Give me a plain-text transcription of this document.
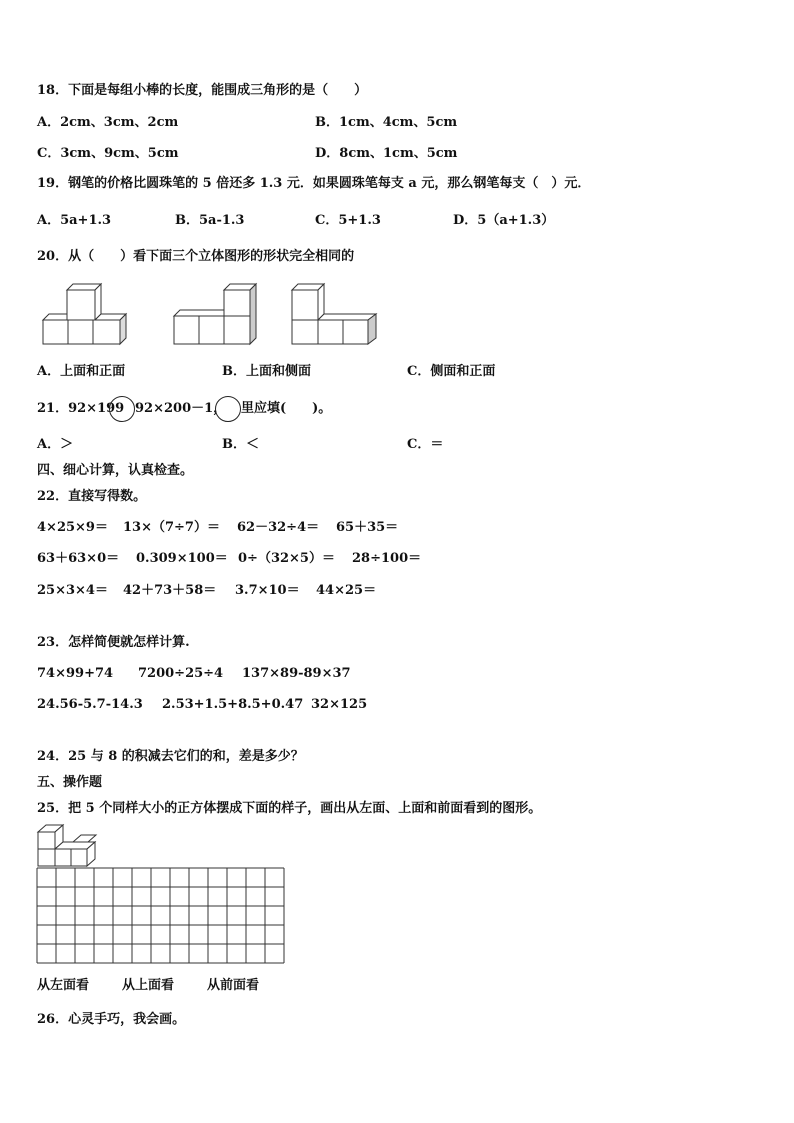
18．下面是每组小棒的长度，能围成三角形的是（　　）
A．2cm、3cm、2cm	B．1cm、4cm、5cm
C．3cm、9cm、5cm	D．8cm、1cm、5cm
19．钢笔的价格比圆珠笔的 5 倍还多 1.3 元．如果圆珠笔每支 a 元，那么钢笔每支（　）元．
A．5a+1.3	B．5a-1.3	C．5+1.3	D．5（a+1.3）
20．从（　　）看下面三个立体图形的形状完全相同的
A．上面和正面	B．上面和侧面	C．侧面和正面
21．92×199 92×200－1， 里应填(　　)。
A．＞	B．＜	C．＝
四、细心计算，认真检查。
22．直接写得数。
4×25×9＝ 13×（7÷7）＝ 62－32÷4＝ 65＋35＝
63＋63×0＝ 0.309×100＝ 0÷（32×5）＝ 28÷100＝
25×3×4＝ 42＋73＋58＝ 3.7×10＝ 44×25＝
23．怎样简便就怎样计算.
74×99+74 7200÷25÷4 137×89-89×37
24.56-5.7-14.3 2.53+1.5+8.5+0.47 32×125
24．25 与 8 的积减去它们的和，差是多少？
五、操作题
25．把 5 个同样大小的正方体摆成下面的样子，画出从左面、上面和前面看到的图形。
从左面看	从上面看	从前面看
26．心灵手巧，我会画。
